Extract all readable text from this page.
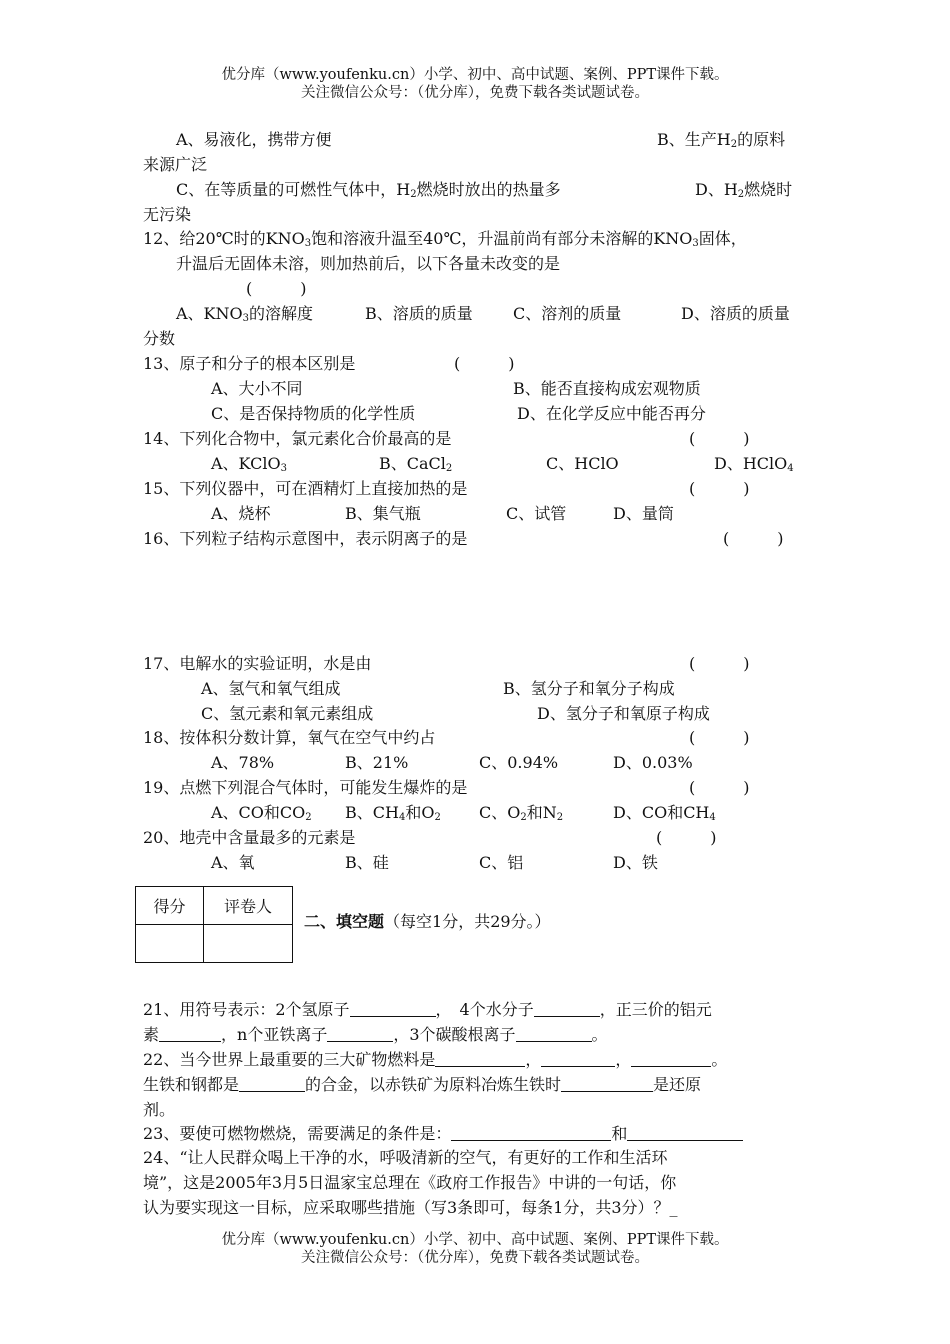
优分库（www.youfenku.cn）小学、初中、高中试题、案例、PPT课件下载。
关注微信公众号：（优分库），免费下载各类试题试卷。
A、易液化，携带方便	B、生产$H_2$的原料
来源广泛
C、在等质量的可燃性气体中，$H_2$燃烧时放出的热量多	D、$H_2$燃烧时
无污染
12、给20℃时的$KNO_3$饱和溶液升温至40℃，升温前尚有部分未溶解的$KNO_3$固体，
升温后无固体未溶，则加热前后，以下各量未改变的是
(　　　)
A、$KNO_3$的溶解度	B、溶质的质量	C、溶剂的质量	D、溶质的质量
分数
13、原子和分子的根本区别是	(　　　)
A、大小不同	B、能否直接构成宏观物质
C、是否保持物质的化学性质	D、在化学反应中能否再分
14、下列化合物中，氯元素化合价最高的是	(　　　)
A、KClO$_3$	B、CaCl$_2$	C、HClO	D、HClO$_4$
15、下列仪器中，可在酒精灯上直接加热的是	(　　　)
A、烧杯	B、集气瓶	C、试管	D、量筒
16、下列粒子结构示意图中，表示阴离子的是	(　　　)
17、电解水的实验证明，水是由	(　　　)
A、氢气和氧气组成	B、氢分子和氧分子构成
C、氢元素和氧元素组成	D、氢分子和氧原子构成
18、按体积分数计算，氧气在空气中约占	(　　　)
A、78%	B、21%	C、0.94%	D、0.03%
19、点燃下列混合气体时，可能发生爆炸的是	(　　　)
A、CO和$CO_2$ B、$CH_4$和$O_2$ C、$O_2$和$N_2$	D、CO和$CH_4$
20、地壳中含量最多的元素是	(　　　)
A、氧	B、硅	C、铝	D、铁
得分	评卷人

二、填空题（每空1分，共29分。）
21、用符号表示：2个氢原子	，　4个水分子	，正三价的铝元
素	，n个亚铁离子	，3个碳酸根离子	。
22、当今世界上最重要的三大矿物燃料是	，	，	。
生铁和钢都是	的合金，以赤铁矿为原料冶炼生铁时	是还原
剂。
23、要使可燃物燃烧，需要满足的条件是：	和
24、“让人民群众喝上干净的水，呼吸清新的空气，有更好的工作和生活环
境”，这是2005年3月5日温家宝总理在《政府工作报告》中讲的一句话，你
认为要实现这一目标，应采取哪些措施（写3条即可，每条1分，共3分）？_
优分库（www.youfenku.cn）小学、初中、高中试题、案例、PPT课件下载。
关注微信公众号：（优分库），免费下载各类试题试卷。
